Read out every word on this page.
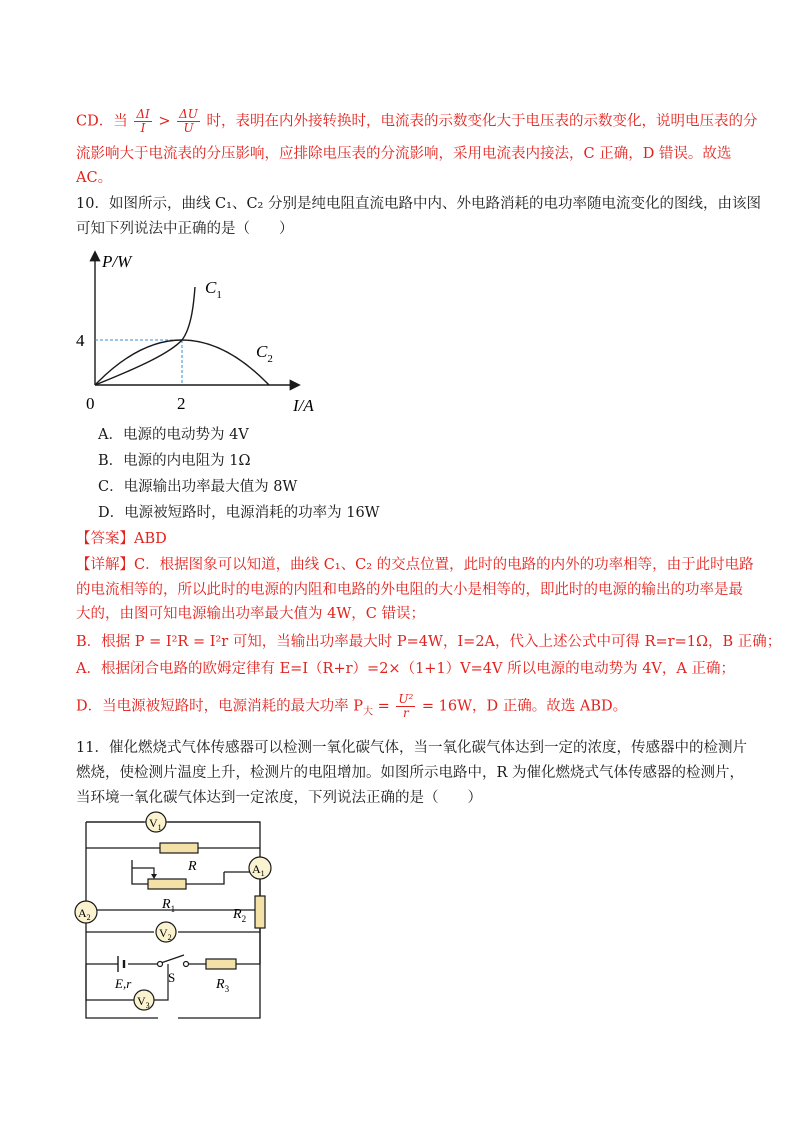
CD．当 $\frac{\Delta I}{I} > \frac{\Delta U}{U}$ 时，表明在内外接转换时，电流表的示数变化大于电压表的示数变化，说明电压表的分
流影响大于电流表的分压影响，应排除电压表的分流影响，采用电流表内接法，C 正确，D 错误。故选
AC。
10．如图所示，曲线 C₁、C₂ 分别是纯电阻直流电路中内、外电路消耗的电功率随电流变化的图线，由该图
可知下列说法中正确的是（　　）
P/W
I/A
0	2
4
$C_1$
$C_2$
A．电源的电动势为 4V
B．电源的内电阻为 1Ω
C．电源输出功率最大值为 8W
D．电源被短路时，电源消耗的功率为 16W
【答案】ABD
【详解】C．根据图象可以知道，曲线 C₁、C₂ 的交点位置，此时的电路的内外的功率相等，由于此时电路
的电流相等的，所以此时的电源的内阻和电路的外电阻的大小是相等的，即此时的电源的输出的功率是最
大的，由图可知电源输出功率最大值为 4W，C 错误；
B．根据 P = I²R = I²r 可知，当输出功率最大时 P=4W，I=2A，代入上述公式中可得 R=r=1Ω，B 正确；
A．根据闭合电路的欧姆定律有 E=I（R+r）=2×（1+1）V=4V 所以电源的电动势为 4V，A 正确；
D．当电源被短路时，电源消耗的最大功率 $P_大 = \frac{\text{U²}}{r} = 16W$，D 正确。故选 ABD。
11．催化燃烧式气体传感器可以检测一氧化碳气体，当一氧化碳气体达到一定的浓度，传感器中的检测片
燃烧，使检测片温度上升，检测片的电阻增加。如图所示电路中，R 为催化燃烧式气体传感器的检测片，
当环境一氧化碳气体达到一定浓度，下列说法正确的是（　　）
$V_1$
R	$A_1$
$R_1$
$A_2$	$R_2$
$V_2$
E,r	S	$R_3$
$V_3$
